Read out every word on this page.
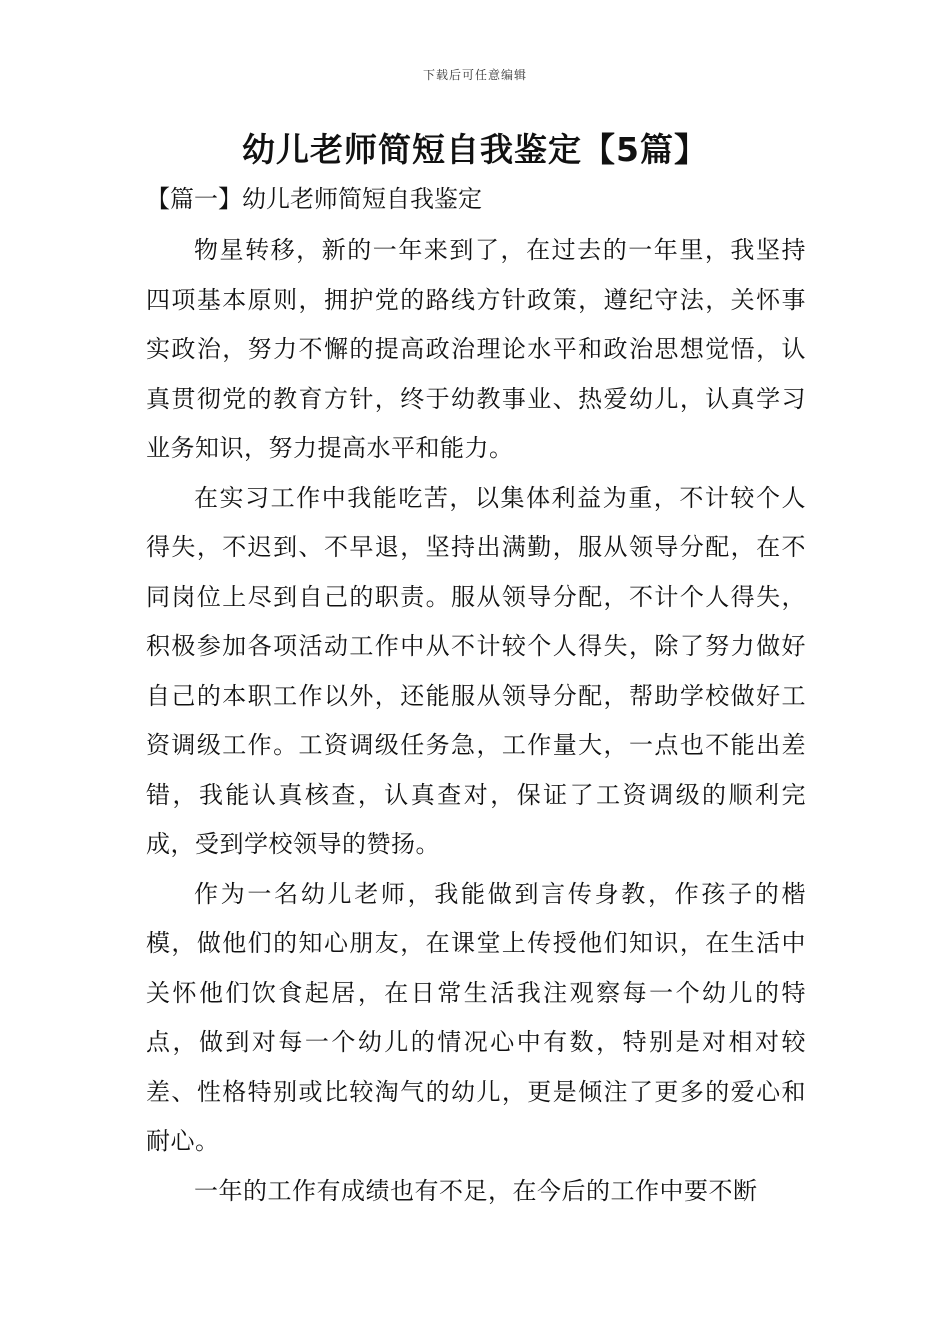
下载后可任意编辑
幼儿老师简短自我鉴定【5篇】
【篇一】幼儿老师简短自我鉴定

物星转移，新的一年来到了，在过去的一年里，我坚持四项基本原则，拥护党的路线方针政策，遵纪守法，关怀事实政治，努力不懈的提高政治理论水平和政治思想觉悟，认真贯彻党的教育方针，终于幼教事业、热爱幼儿，认真学习业务知识，努力提高水平和能力。

在实习工作中我能吃苦，以集体利益为重，不计较个人得失，不迟到、不早退，坚持出满勤，服从领导分配，在不同岗位上尽到自己的职责。服从领导分配，不计个人得失，积极参加各项活动工作中从不计较个人得失，除了努力做好自己的本职工作以外，还能服从领导分配，帮助学校做好工资调级工作。工资调级任务急，工作量大，一点也不能出差错，我能认真核查，认真查对，保证了工资调级的顺利完成，受到学校领导的赞扬。

作为一名幼儿老师，我能做到言传身教，作孩子的楷模，做他们的知心朋友，在课堂上传授他们知识，在生活中关怀他们饮食起居，在日常生活我注观察每一个幼儿的特点，做到对每一个幼儿的情况心中有数，特别是对相对较差、性格特别或比较淘气的幼儿，更是倾注了更多的爱心和耐心。

一年的工作有成绩也有不足，在今后的工作中要不断
